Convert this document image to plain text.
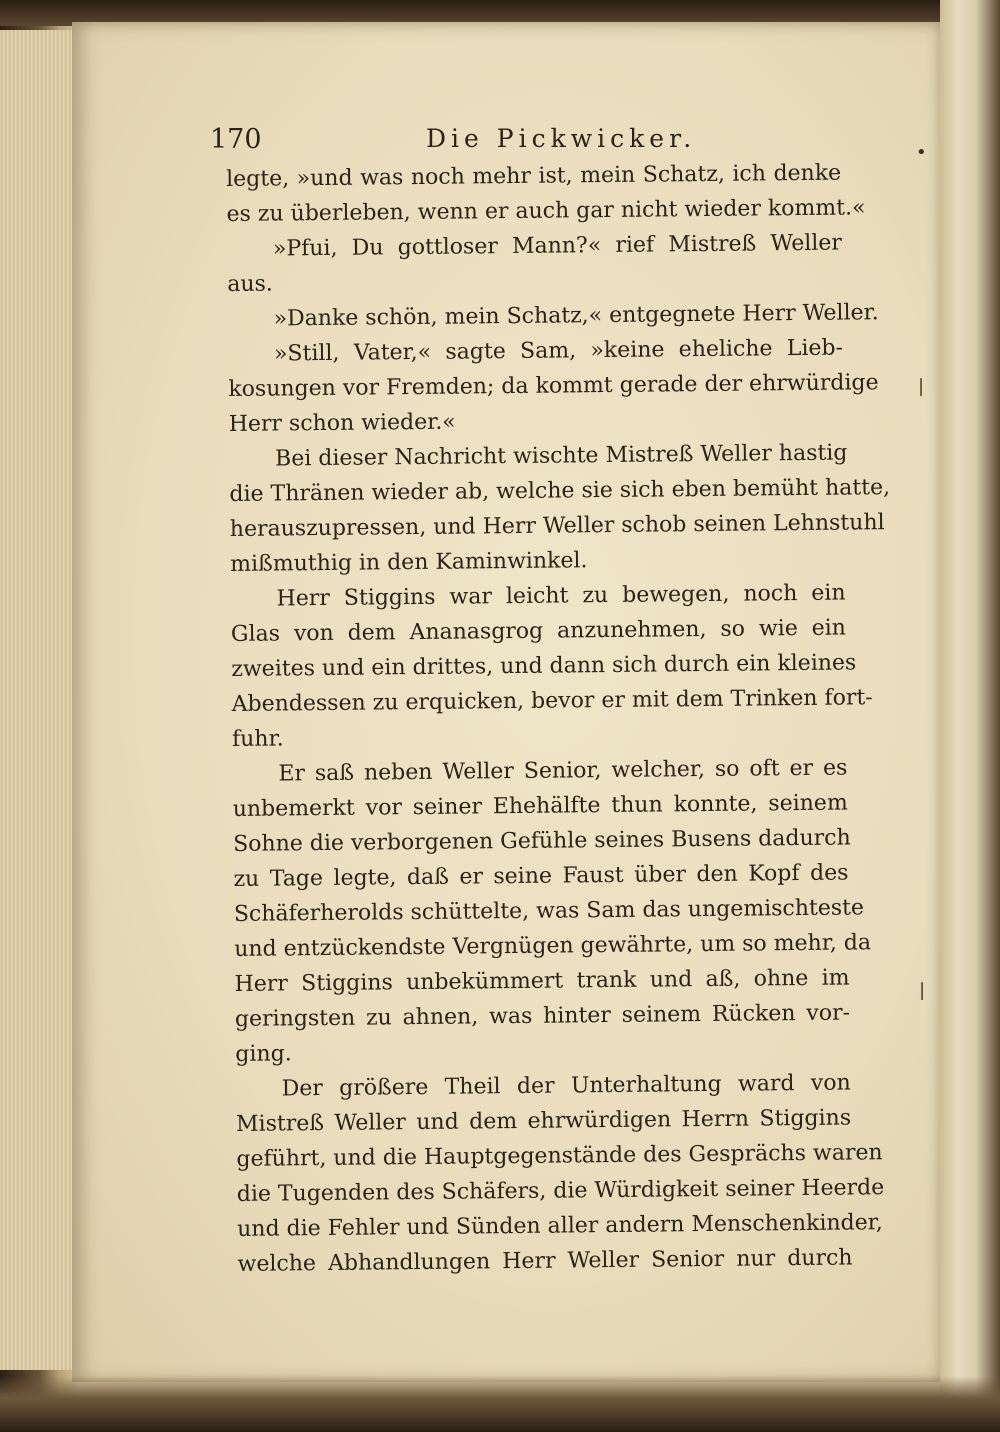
170	Die Pickwicker.
legte, »und was noch mehr ist, mein Schatz, ich denke
es zu überleben, wenn er auch gar nicht wieder kommt.«
»Pfui, Du gottloser Mann?« rief Mistreß Weller
aus.
»Danke schön, mein Schatz,« entgegnete Herr Weller.
»Still, Vater,« sagte Sam, »keine eheliche Lieb-
kosungen vor Fremden; da kommt gerade der ehrwürdige
Herr schon wieder.«
Bei dieser Nachricht wischte Mistreß Weller hastig
die Thränen wieder ab, welche sie sich eben bemüht hatte,
herauszupressen, und Herr Weller schob seinen Lehnstuhl
mißmuthig in den Kaminwinkel.
Herr Stiggins war leicht zu bewegen, noch ein
Glas von dem Ananasgrog anzunehmen, so wie ein
zweites und ein drittes, und dann sich durch ein kleines
Abendessen zu erquicken, bevor er mit dem Trinken fort-
fuhr.
Er saß neben Weller Senior, welcher, so oft er es
unbemerkt vor seiner Ehehälfte thun konnte, seinem
Sohne die verborgenen Gefühle seines Busens dadurch
zu Tage legte, daß er seine Faust über den Kopf des
Schäferherolds schüttelte, was Sam das ungemischteste
und entzückendste Vergnügen gewährte, um so mehr, da
Herr Stiggins unbekümmert trank und aß, ohne im
geringsten zu ahnen, was hinter seinem Rücken vor-
ging.
Der größere Theil der Unterhaltung ward von
Mistreß Weller und dem ehrwürdigen Herrn Stiggins
geführt, und die Hauptgegenstände des Gesprächs waren
die Tugenden des Schäfers, die Würdigkeit seiner Heerde
und die Fehler und Sünden aller andern Menschenkinder,
welche Abhandlungen Herr Weller Senior nur durch
•
|
|
